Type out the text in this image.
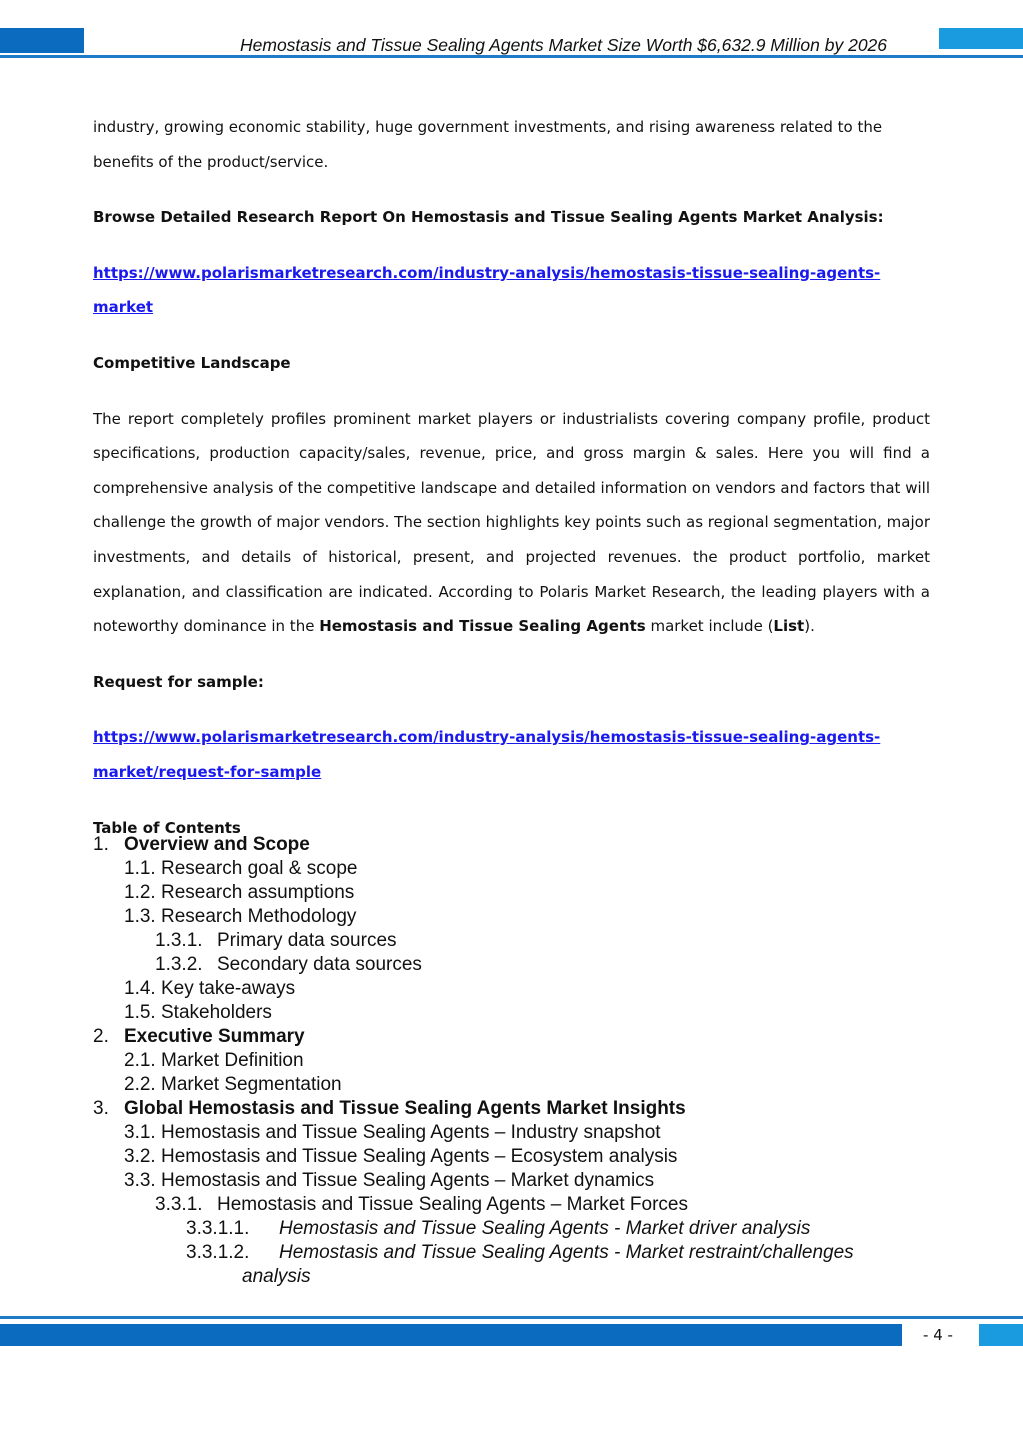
Hemostasis and Tissue Sealing Agents Market Size Worth $6,632.9 Million by 2026

industry, growing economic stability, huge government investments, and rising awareness related to the benefits of the product/service.

Browse Detailed Research Report On Hemostasis and Tissue Sealing Agents Market Analysis:

https://www.polarismarketresearch.com/industry-analysis/hemostasis-tissue-sealing-agents-market

Competitive Landscape

The report completely profiles prominent market players or industrialists covering company profile, product specifications, production capacity/sales, revenue, price, and gross margin & sales. Here you will find a comprehensive analysis of the competitive landscape and detailed information on vendors and factors that will challenge the growth of major vendors. The section highlights key points such as regional segmentation, major investments, and details of historical, present, and projected revenues. the product portfolio, market explanation, and classification are indicated. According to Polaris Market Research, the leading players with a noteworthy dominance in the Hemostasis and Tissue Sealing Agents market include (List).

Request for sample:

https://www.polarismarketresearch.com/industry-analysis/hemostasis-tissue-sealing-agents-
market/request-for-sample

Table of Contents

1. Overview and Scope
1.1. Research goal & scope
1.2. Research assumptions
1.3. Research Methodology
1.3.1. Primary data sources
1.3.2. Secondary data sources
1.4. Key take-aways
1.5. Stakeholders
2. Executive Summary
2.1. Market Definition
2.2. Market Segmentation
3. Global Hemostasis and Tissue Sealing Agents Market Insights
3.1. Hemostasis and Tissue Sealing Agents – Industry snapshot
3.2. Hemostasis and Tissue Sealing Agents – Ecosystem analysis
3.3. Hemostasis and Tissue Sealing Agents – Market dynamics
3.3.1. Hemostasis and Tissue Sealing Agents – Market Forces
3.3.1.1. Hemostasis and Tissue Sealing Agents - Market driver analysis
3.3.1.2. Hemostasis and Tissue Sealing Agents - Market restraint/challenges
analysis
- 4 -
